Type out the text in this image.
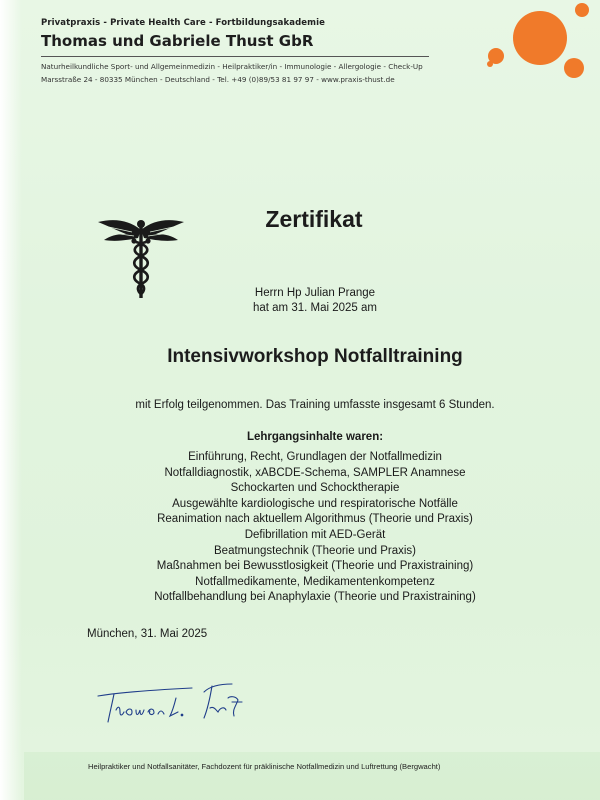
Privatpraxis - Private Health Care - Fortbildungsakademie
Thomas und Gabriele Thust GbR
Naturheilkundliche Sport- und Allgemeinmedizin - Heilpraktiker/in - Immunologie - Allergologie - Check-Up
Marsstraße 24 - 80335 München - Deutschland - Tel. +49 (0)89/53 81 97 97 - www.praxis-thust.de
Zertifikat
Herrn Hp Julian Prange
hat am 31. Mai 2025 am
Intensivworkshop Notfalltraining
mit Erfolg teilgenommen. Das Training umfasste insgesamt 6 Stunden.
Lehrgangsinhalte waren:
Einführung, Recht, Grundlagen der Notfallmedizin
Notfalldiagnostik, xABCDE-Schema, SAMPLER Anamnese
Schockarten und Schocktherapie
Ausgewählte kardiologische und respiratorische Notfälle
Reanimation nach aktuellem Algorithmus (Theorie und Praxis)
Defibrillation mit AED-Gerät
Beatmungstechnik (Theorie und Praxis)
Maßnahmen bei Bewusstlosigkeit (Theorie und Praxistraining)
Notfallmedikamente, Medikamentenkompetenz
Notfallbehandlung bei Anaphylaxie (Theorie und Praxistraining)
München, 31. Mai 2025
Heilpraktiker und Notfallsanitäter, Fachdozent für präklinische Notfallmedizin und Luftrettung (Bergwacht)
